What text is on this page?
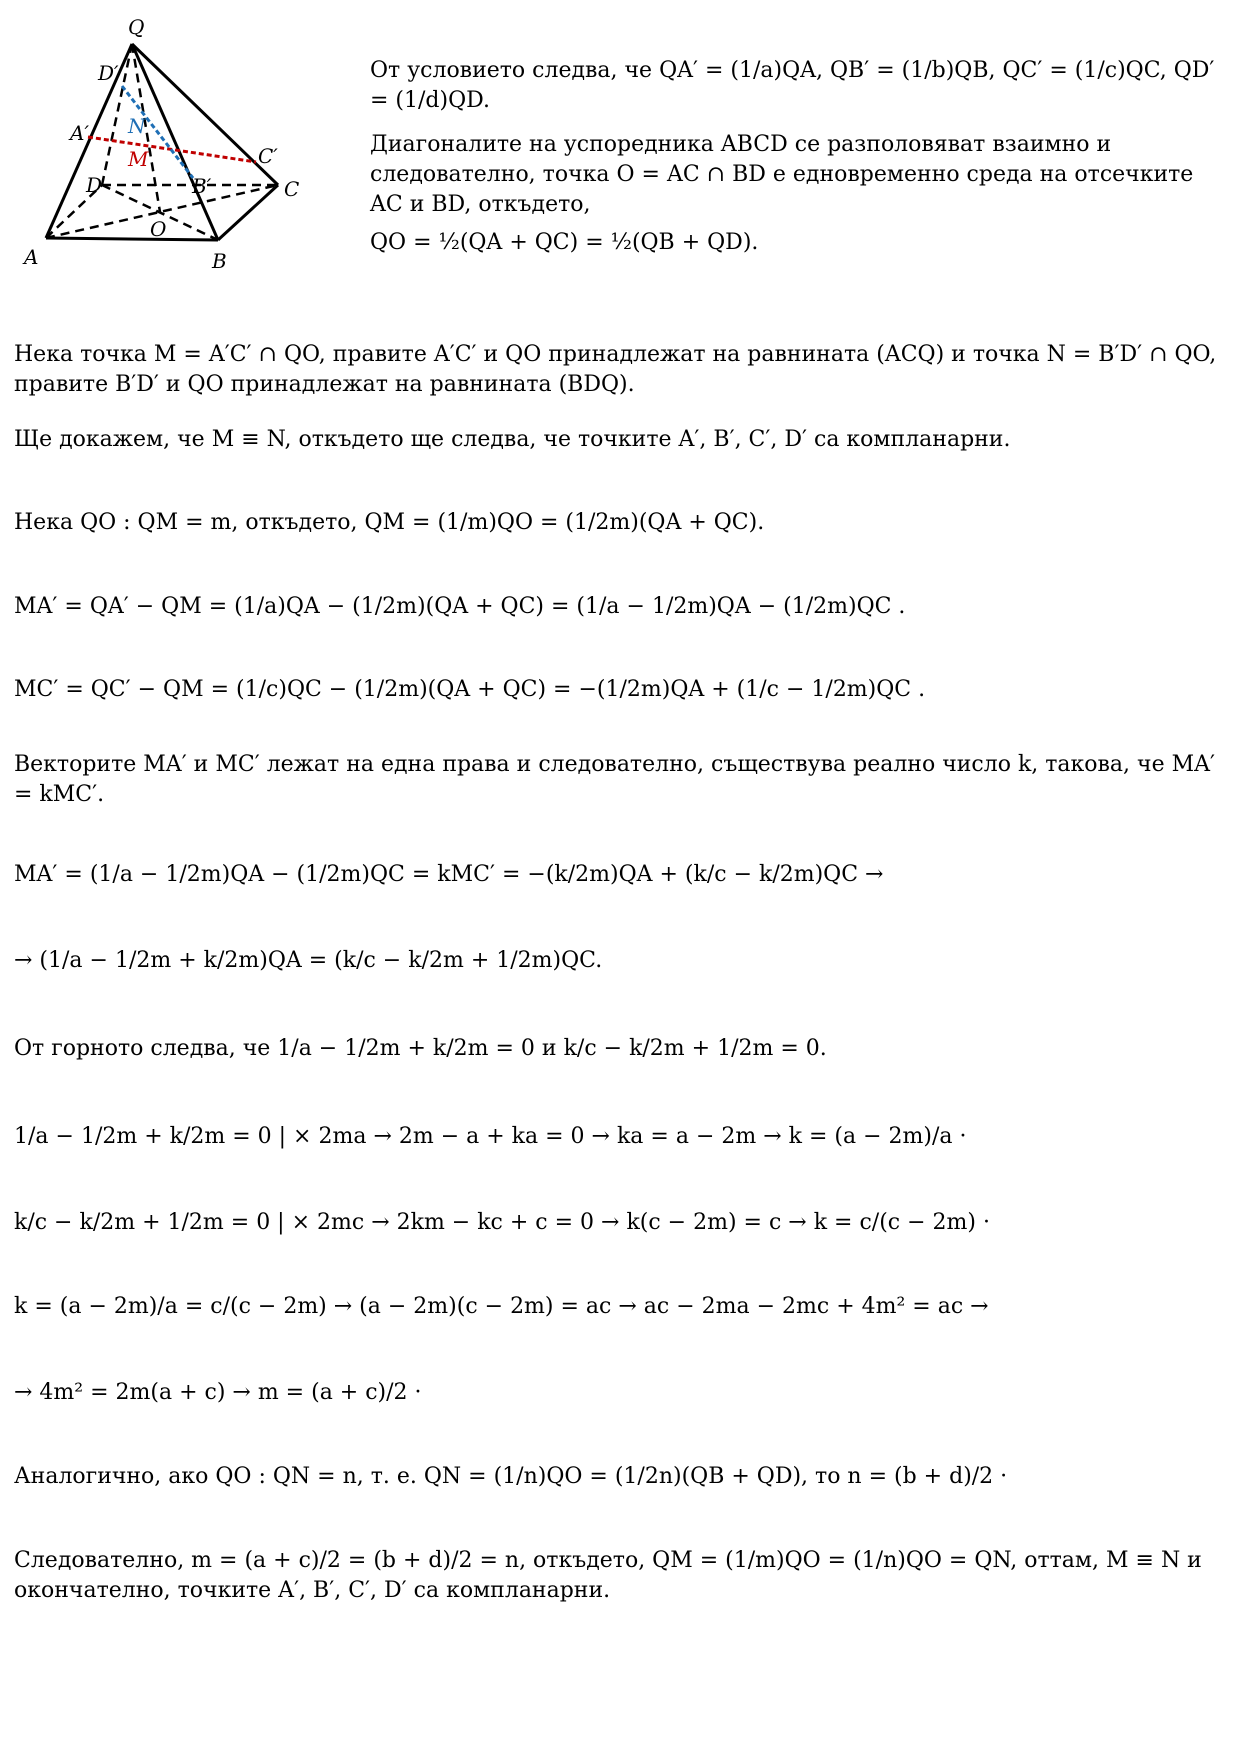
Q
D′
N
A′
M	C′
B′
D	C
O
A	B
От условието следва, че QA′ = (1/a)QA, QB′ = (1/b)QB, QC′ = (1/c)QC, QD′ = (1/d)QD.
Диагоналите на успоредника ABCD се разполовяват взаимно и следователно, точка O = AC ∩ BD е едновременно среда на отсечките AC и BD, откъдето,
QO = ½(QA + QC) = ½(QB + QD).
Нека точка M = A′C′ ∩ QO, правите A′C′ и QO принадлежат на равнината (ACQ) и точка N = B′D′ ∩ QO, правите B′D′ и QO принадлежат на равнината (BDQ).
Ще докажем, че M ≡ N, откъдето ще следва, че точките A′, B′, C′, D′ са компланарни.
Нека QO : QM = m, откъдето, QM = (1/m)QO = (1/2m)(QA + QC).
MA′ = QA′ − QM = (1/a)QA − (1/2m)(QA + QC) = (1/a − 1/2m)QA − (1/2m)QC .
MC′ = QC′ − QM = (1/c)QC − (1/2m)(QA + QC) = −(1/2m)QA + (1/c − 1/2m)QC .
Векторите MA′ и MC′ лежат на една права и следователно, съществува реално число k, такова, че MA′ = kMC′.
MA′ = (1/a − 1/2m)QA − (1/2m)QC = kMC′ = −(k/2m)QA + (k/c − k/2m)QC →
→ (1/a − 1/2m + k/2m)QA = (k/c − k/2m + 1/2m)QC.
От горното следва, че 1/a − 1/2m + k/2m = 0 и k/c − k/2m + 1/2m = 0.
1/a − 1/2m + k/2m = 0 | × 2ma → 2m − a + ka = 0 → ka = a − 2m → k = (a − 2m)/a ·
k/c − k/2m + 1/2m = 0 | × 2mc → 2km − kc + c = 0 → k(c − 2m) = c → k = c/(c − 2m) ·
k = (a − 2m)/a = c/(c − 2m) → (a − 2m)(c − 2m) = ac → ac − 2ma − 2mc + 4m² = ac →
→ 4m² = 2m(a + c) → m = (a + c)/2 ·
Аналогично, ако QO : QN = n, т. е. QN = (1/n)QO = (1/2n)(QB + QD), то n = (b + d)/2 ·
Следователно, m = (a + c)/2 = (b + d)/2 = n, откъдето, QM = (1/m)QO = (1/n)QO = QN, оттам, M ≡ N и окончателно, точките A′, B′, C′, D′ са компланарни.
